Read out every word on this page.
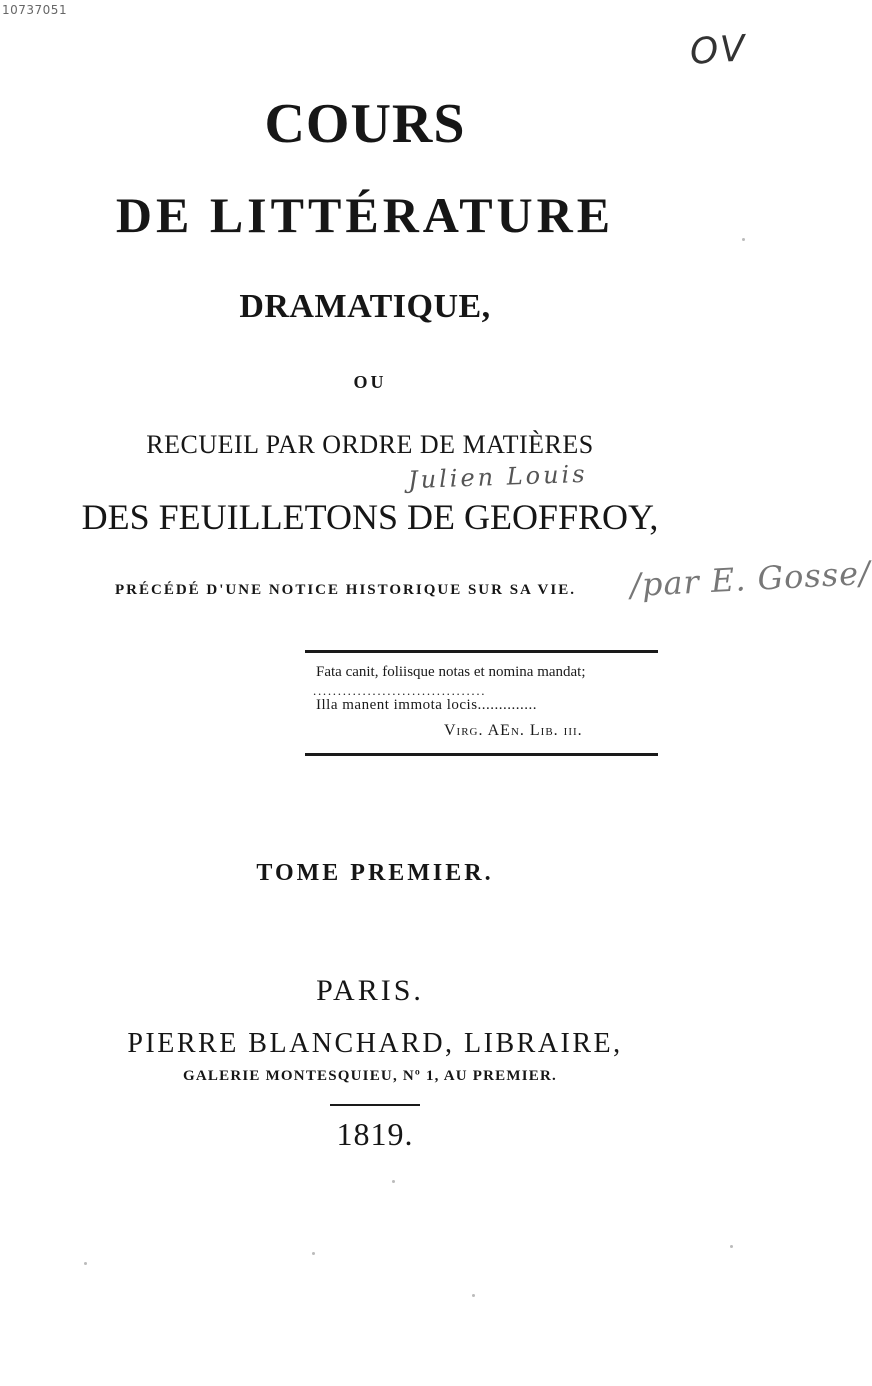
10737051
OV
COURS
DE LITTÉRATURE
DRAMATIQUE,
OU
RECUEIL PAR ORDRE DE MATIÈRES
Julien Louis
DES FEUILLETONS DE GEOFFROY,
PRÉCÉDÉ D'UNE NOTICE HISTORIQUE SUR SA VIE. /par E. Gosse/
Fata canit, foliisque notas et nomina mandat;
...................................
Illa manent immota locis..............
Virg. AEn. Lib. iii.
TOME PREMIER.
PARIS.
PIERRE BLANCHARD, LIBRAIRE,
GALERIE MONTESQUIEU, Nº 1, AU PREMIER.
1819.
